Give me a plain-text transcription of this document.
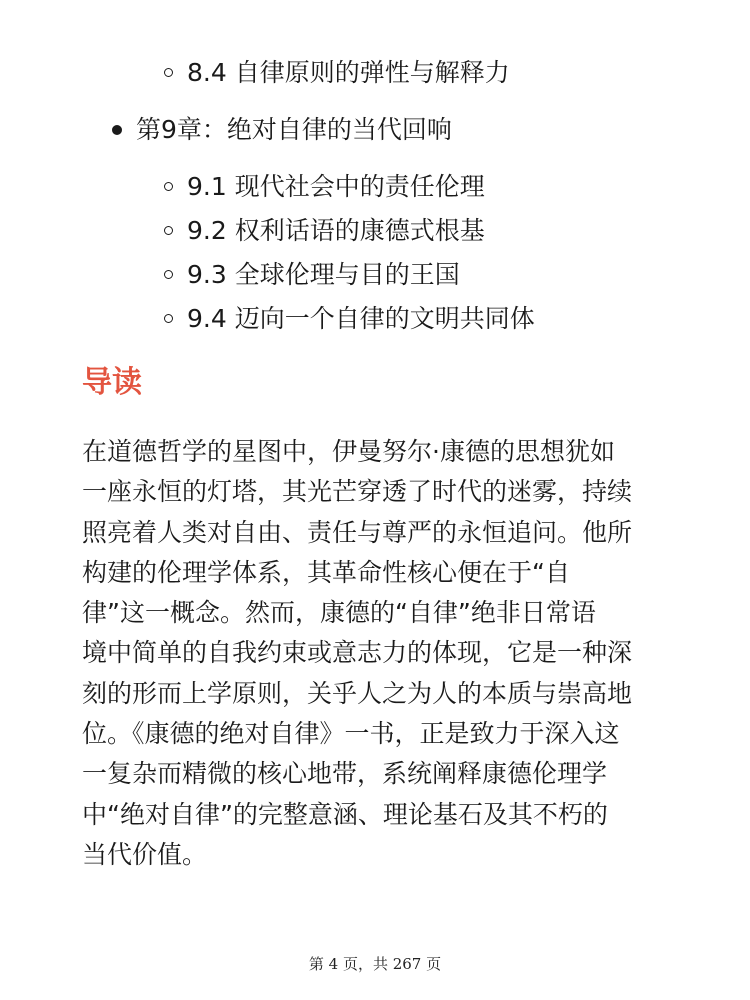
8.4 自律原则的弹性与解释力
第9章：绝对自律的当代回响
9.1 现代社会中的责任伦理
9.2 权利话语的康德式根基
9.3 全球伦理与目的王国
9.4 迈向一个自律的文明共同体
导读
在道德哲学的星图中，伊曼努尔·康德的思想犹如
一座永恒的灯塔，其光芒穿透了时代的迷雾，持续
照亮着人类对自由、责任与尊严的永恒追问。他所
构建的伦理学体系，其革命性核心便在于“自
律”这一概念。然而，康德的“自律”绝非日常语
境中简单的自我约束或意志力的体现，它是一种深
刻的形而上学原则，关乎人之为人的本质与崇高地
位。《康德的绝对自律》一书，正是致力于深入这
一复杂而精微的核心地带，系统阐释康德伦理学
中“绝对自律”的完整意涵、理论基石及其不朽的
当代价值。
第 4 页，共 267 页
